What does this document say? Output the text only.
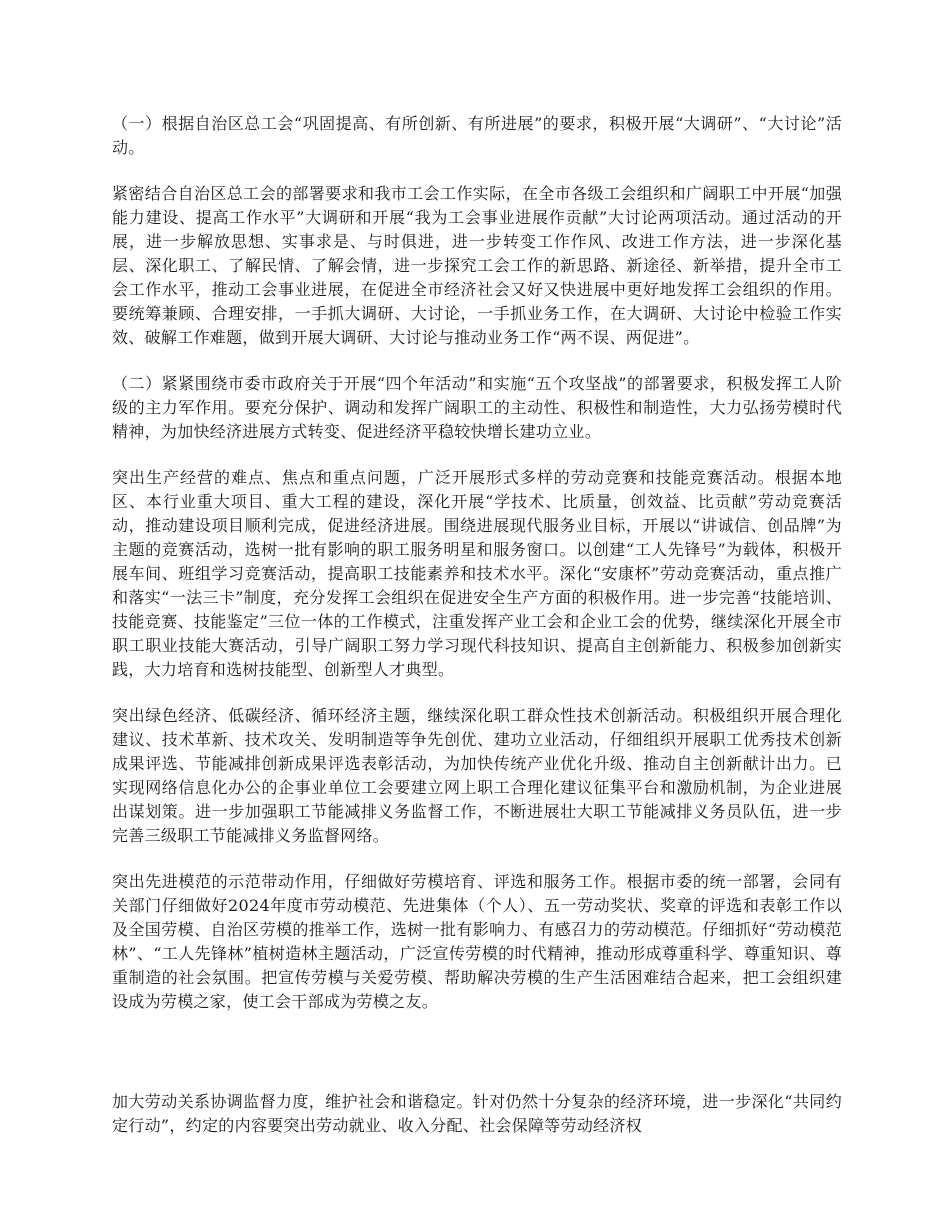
（一）根据自治区总工会“巩固提高、有所创新、有所进展”的要求，积极开展“大调研”、“大讨论”活动。

紧密结合自治区总工会的部署要求和我市工会工作实际，在全市各级工会组织和广阔职工中开展“加强能力建设、提高工作水平”大调研和开展“我为工会事业进展作贡献”大讨论两项活动。通过活动的开展，进一步解放思想、实事求是、与时俱进，进一步转变工作作风、改进工作方法，进一步深化基层、深化职工、了解民情、了解会情，进一步探究工会工作的新思路、新途径、新举措，提升全市工会工作水平，推动工会事业进展，在促进全市经济社会又好又快进展中更好地发挥工会组织的作用。要统筹兼顾、合理安排，一手抓大调研、大讨论，一手抓业务工作，在大调研、大讨论中检验工作实效、破解工作难题，做到开展大调研、大讨论与推动业务工作“两不误、两促进”。

（二）紧紧围绕市委市政府关于开展“四个年活动”和实施“五个攻坚战”的部署要求，积极发挥工人阶级的主力军作用。要充分保护、调动和发挥广阔职工的主动性、积极性和制造性，大力弘扬劳模时代精神，为加快经济进展方式转变、促进经济平稳较快增长建功立业。

突出生产经营的难点、焦点和重点问题，广泛开展形式多样的劳动竞赛和技能竞赛活动。根据本地区、本行业重大项目、重大工程的建设，深化开展“学技术、比质量，创效益、比贡献”劳动竞赛活动，推动建设项目顺利完成，促进经济进展。围绕进展现代服务业目标，开展以“讲诚信、创品牌”为主题的竞赛活动，选树一批有影响的职工服务明星和服务窗口。以创建“工人先锋号”为载体，积极开展车间、班组学习竞赛活动，提高职工技能素养和技术水平。深化“安康杯”劳动竞赛活动，重点推广和落实“一法三卡”制度，充分发挥工会组织在促进安全生产方面的积极作用。进一步完善“技能培训、技能竞赛、技能鉴定”三位一体的工作模式，注重发挥产业工会和企业工会的优势，继续深化开展全市职工职业技能大赛活动，引导广阔职工努力学习现代科技知识、提高自主创新能力、积极参加创新实践，大力培育和选树技能型、创新型人才典型。

突出绿色经济、低碳经济、循环经济主题，继续深化职工群众性技术创新活动。积极组织开展合理化建议、技术革新、技术攻关、发明制造等争先创优、建功立业活动，仔细组织开展职工优秀技术创新成果评选、节能减排创新成果评选表彰活动，为加快传统产业优化升级、推动自主创新献计出力。已实现网络信息化办公的企事业单位工会要建立网上职工合理化建议征集平台和激励机制，为企业进展出谋划策。进一步加强职工节能减排义务监督工作，不断进展壮大职工节能减排义务员队伍，进一步完善三级职工节能减排义务监督网络。

突出先进模范的示范带动作用，仔细做好劳模培育、评选和服务工作。根据市委的统一部署，会同有关部门仔细做好2024年度市劳动模范、先进集体（个人）、五一劳动奖状、奖章的评选和表彰工作以及全国劳模、自治区劳模的推举工作，选树一批有影响力、有感召力的劳动模范。仔细抓好“劳动模范林”、“工人先锋林”植树造林主题活动，广泛宣传劳模的时代精神，推动形成尊重科学、尊重知识、尊重制造的社会氛围。把宣传劳模与关爱劳模、帮助解决劳模的生产生活困难结合起来，把工会组织建设成为劳模之家，使工会干部成为劳模之友。

加大劳动关系协调监督力度，维护社会和谐稳定。针对仍然十分复杂的经济环境，进一步深化“共同约定行动”，约定的内容要突出劳动就业、收入分配、社会保障等劳动经济权
